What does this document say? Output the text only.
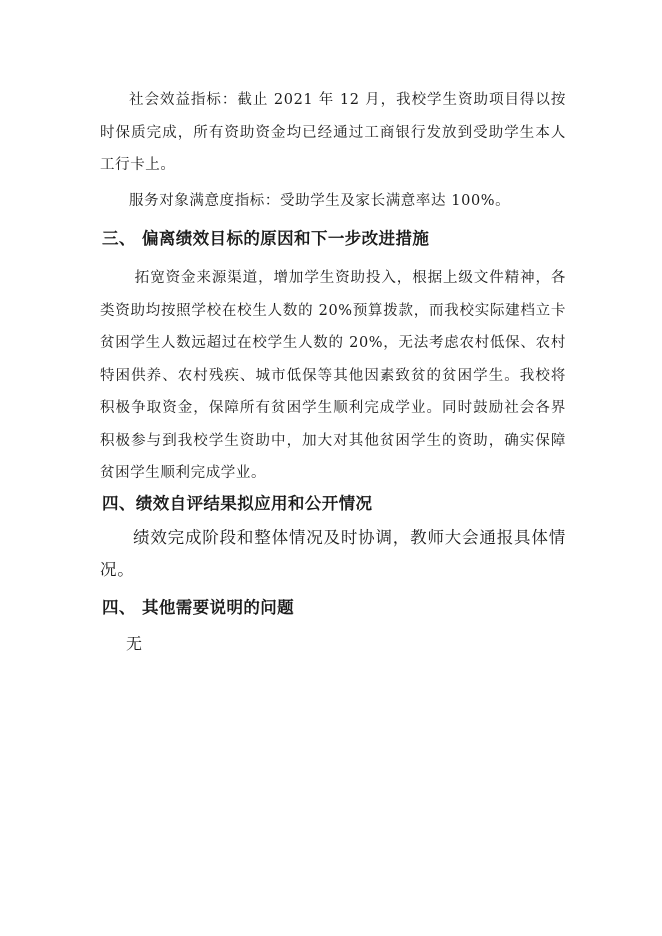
社会效益指标：截止 2021 年 12 月，我校学生资助项目得以按时保质完成，所有资助资金均已经通过工商银行发放到受助学生本人工行卡上。

服务对象满意度指标：受助学生及家长满意率达 100%。

三、 偏离绩效目标的原因和下一步改进措施

拓宽资金来源渠道，增加学生资助投入，根据上级文件精神，各类资助均按照学校在校生人数的 20%预算拨款，而我校实际建档立卡贫困学生人数远超过在校学生人数的 20%，无法考虑农村低保、农村特困供养、农村残疾、城市低保等其他因素致贫的贫困学生。我校将积极争取资金，保障所有贫困学生顺利完成学业。同时鼓励社会各界积极参与到我校学生资助中，加大对其他贫困学生的资助，确实保障贫困学生顺利完成学业。

四、绩效自评结果拟应用和公开情况

绩效完成阶段和整体情况及时协调，教师大会通报具体情况。

四、 其他需要说明的问题

无
